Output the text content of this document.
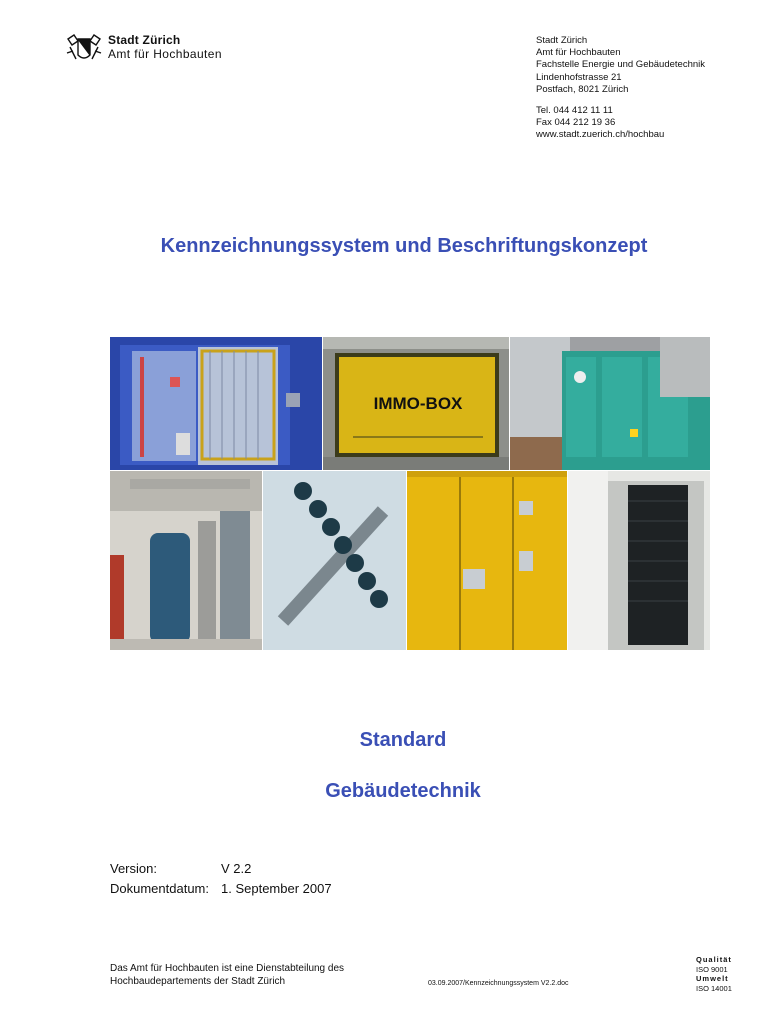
Stadt Zürich
Amt für Hochbauten
Stadt Zürich
Amt für Hochbauten
Fachstelle Energie und Gebäudetechnik
Lindenhofstrasse 21
Postfach, 8021 Zürich
Tel. 044 412 11 11
Fax 044 212 19 36
www.stadt.zuerich.ch/hochbau
Kennzeichnungssystem und Beschriftungskonzept
IMMO-BOX
Standard
Gebäudetechnik
Version:	V 2.2
Dokumentdatum: 1. September 2007
Das Amt für Hochbauten ist eine Dienstabteilung des
Hochbaudepartements der Stadt Zürich	03.09.2007/Kennzeichnungssystem V2.2.doc
Qualität
ISO 9001
Umwelt
ISO 14001
